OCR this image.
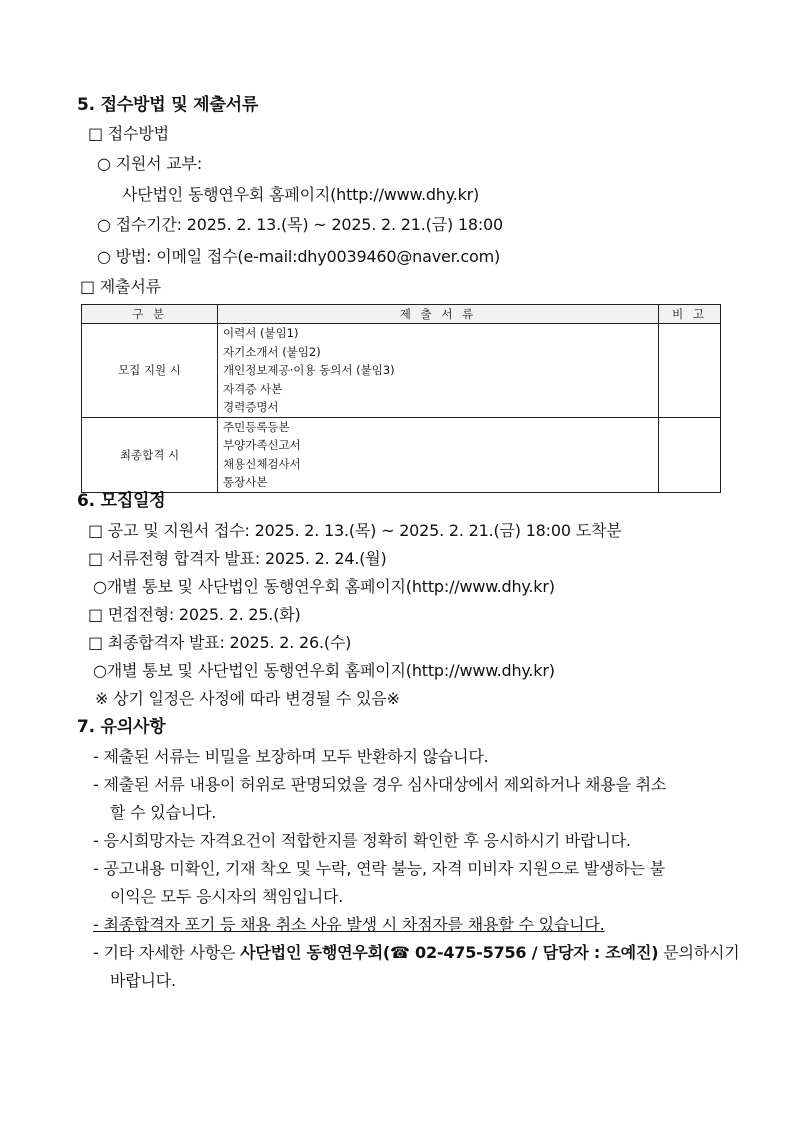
5. 접수방법 및 제출서류
□ 접수방법
○ 지원서 교부:
사단법인 동행연우회 홈페이지(http://www.dhy.kr)
○ 접수기간: 2025. 2. 13.(목) ~ 2025. 2. 21.(금) 18:00
○ 방법: 이메일 접수(e-mail:dhy0039460@naver.com)
□ 제출서류
구 분	제 출 서 류	비 고
모집 지원 시	이력서 (붙임1)
자기소개서 (붙임2)
개인정보제공·이용 동의서 (붙임3)
자격증 사본
경력증명서	

최종합격 시	주민등록등본
부양가족신고서
채용신체검사서
통장사본	

6. 모집일정
□ 공고 및 지원서 접수: 2025. 2. 13.(목) ~ 2025. 2. 21.(금) 18:00 도착분
□ 서류전형 합격자 발표: 2025. 2. 24.(월)
○개별 통보 및 사단법인 동행연우회 홈페이지(http://www.dhy.kr)
□ 면접전형: 2025. 2. 25.(화)
□ 최종합격자 발표: 2025. 2. 26.(수)
○개별 통보 및 사단법인 동행연우회 홈페이지(http://www.dhy.kr)
※ 상기 일정은 사정에 따라 변경될 수 있음※
7. 유의사항
- 제출된 서류는 비밀을 보장하며 모두 반환하지 않습니다.
- 제출된 서류 내용이 허위로 판명되었을 경우 심사대상에서 제외하거나 채용을 취소
할 수 있습니다.
- 응시희망자는 자격요건이 적합한지를 정확히 확인한 후 응시하시기 바랍니다.
- 공고내용 미확인, 기재 착오 및 누락, 연락 불능, 자격 미비자 지원으로 발생하는 불
이익은 모두 응시자의 책임입니다.
- 최종합격자 포기 등 채용 취소 사유 발생 시 차점자를 채용할 수 있습니다.
- 기타 자세한 사항은 사단법인 동행연우회(☎ 02-475-5756 / 담당자 : 조예진) 문의하시기
바랍니다.
